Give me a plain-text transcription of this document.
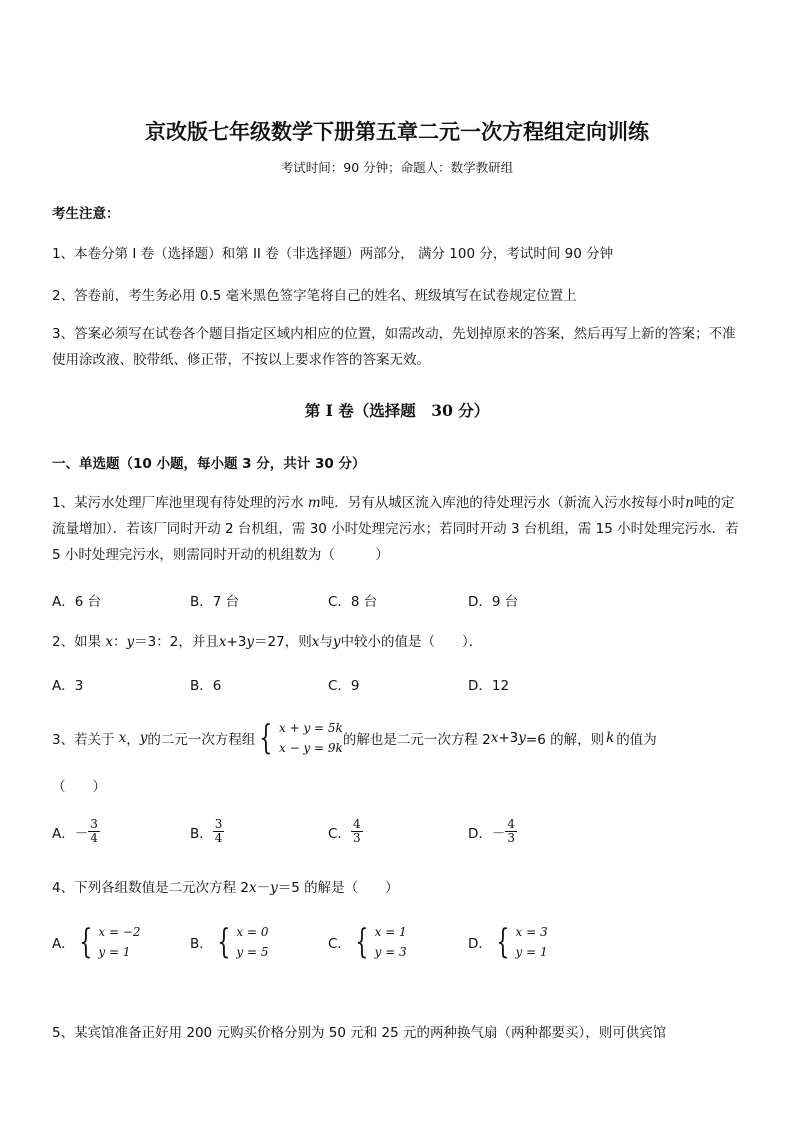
京改版七年级数学下册第五章二元一次方程组定向训练
考试时间：90 分钟；命题人：数学教研组
考生注意：
1、本卷分第 I 卷（选择题）和第 II 卷（非选择题）两部分， 满分 100 分，考试时间 90 分钟
2、答卷前，考生务必用 0.5 毫米黑色签字笔将自己的姓名、班级填写在试卷规定位置上
3、答案必须写在试卷各个题目指定区域内相应的位置，如需改动，先划掉原来的答案，然后再写上新的答案；不准使用涂改液、胶带纸、修正带，不按以上要求作答的答案无效。
第 I 卷（选择题　30 分）
一、单选题（10 小题，每小题 3 分，共计 30 分）
1、某污水处理厂库池里现有待处理的污水 m吨．另有从城区流入库池的待处理污水（新流入污水按每小时n吨的定流量增加）．若该厂同时开动 2 台机组，需 30 小时处理完污水；若同时开动 3 台机组，需 15 小时处理完污水．若 5 小时处理完污水，则需同时开动的机组数为（　　　）
A．6 台	B．7 台	C．8 台	D．9 台
2、如果 x：y＝3：2，并且x+3y＝27，则x与y中较小的值是（　　）．
A．3	B．6	C．9	D．12
3、若关于 x ， y 的二元一次方程组 { x + y = 5k
x − y = 9k 的解也是二元一次方程 2 x +3 y =6 的解，则 k 的值为
（　　）
A． － $\frac{3}{4}$	B． $\frac{3}{4}$	C． $\frac{4}{3}$	D． － $\frac{4}{3}$
4、下列各组数值是二元次方程 2x－y＝5 的解是（　　）
A． { x = −2
y = 1	B． { x = 0
y = 5	C． { x = 1
y = 3	D． { x = 3
y = 1
5、某宾馆准备正好用 200 元购买价格分别为 50 元和 25 元的两种换气扇（两种都要买），则可供宾馆
